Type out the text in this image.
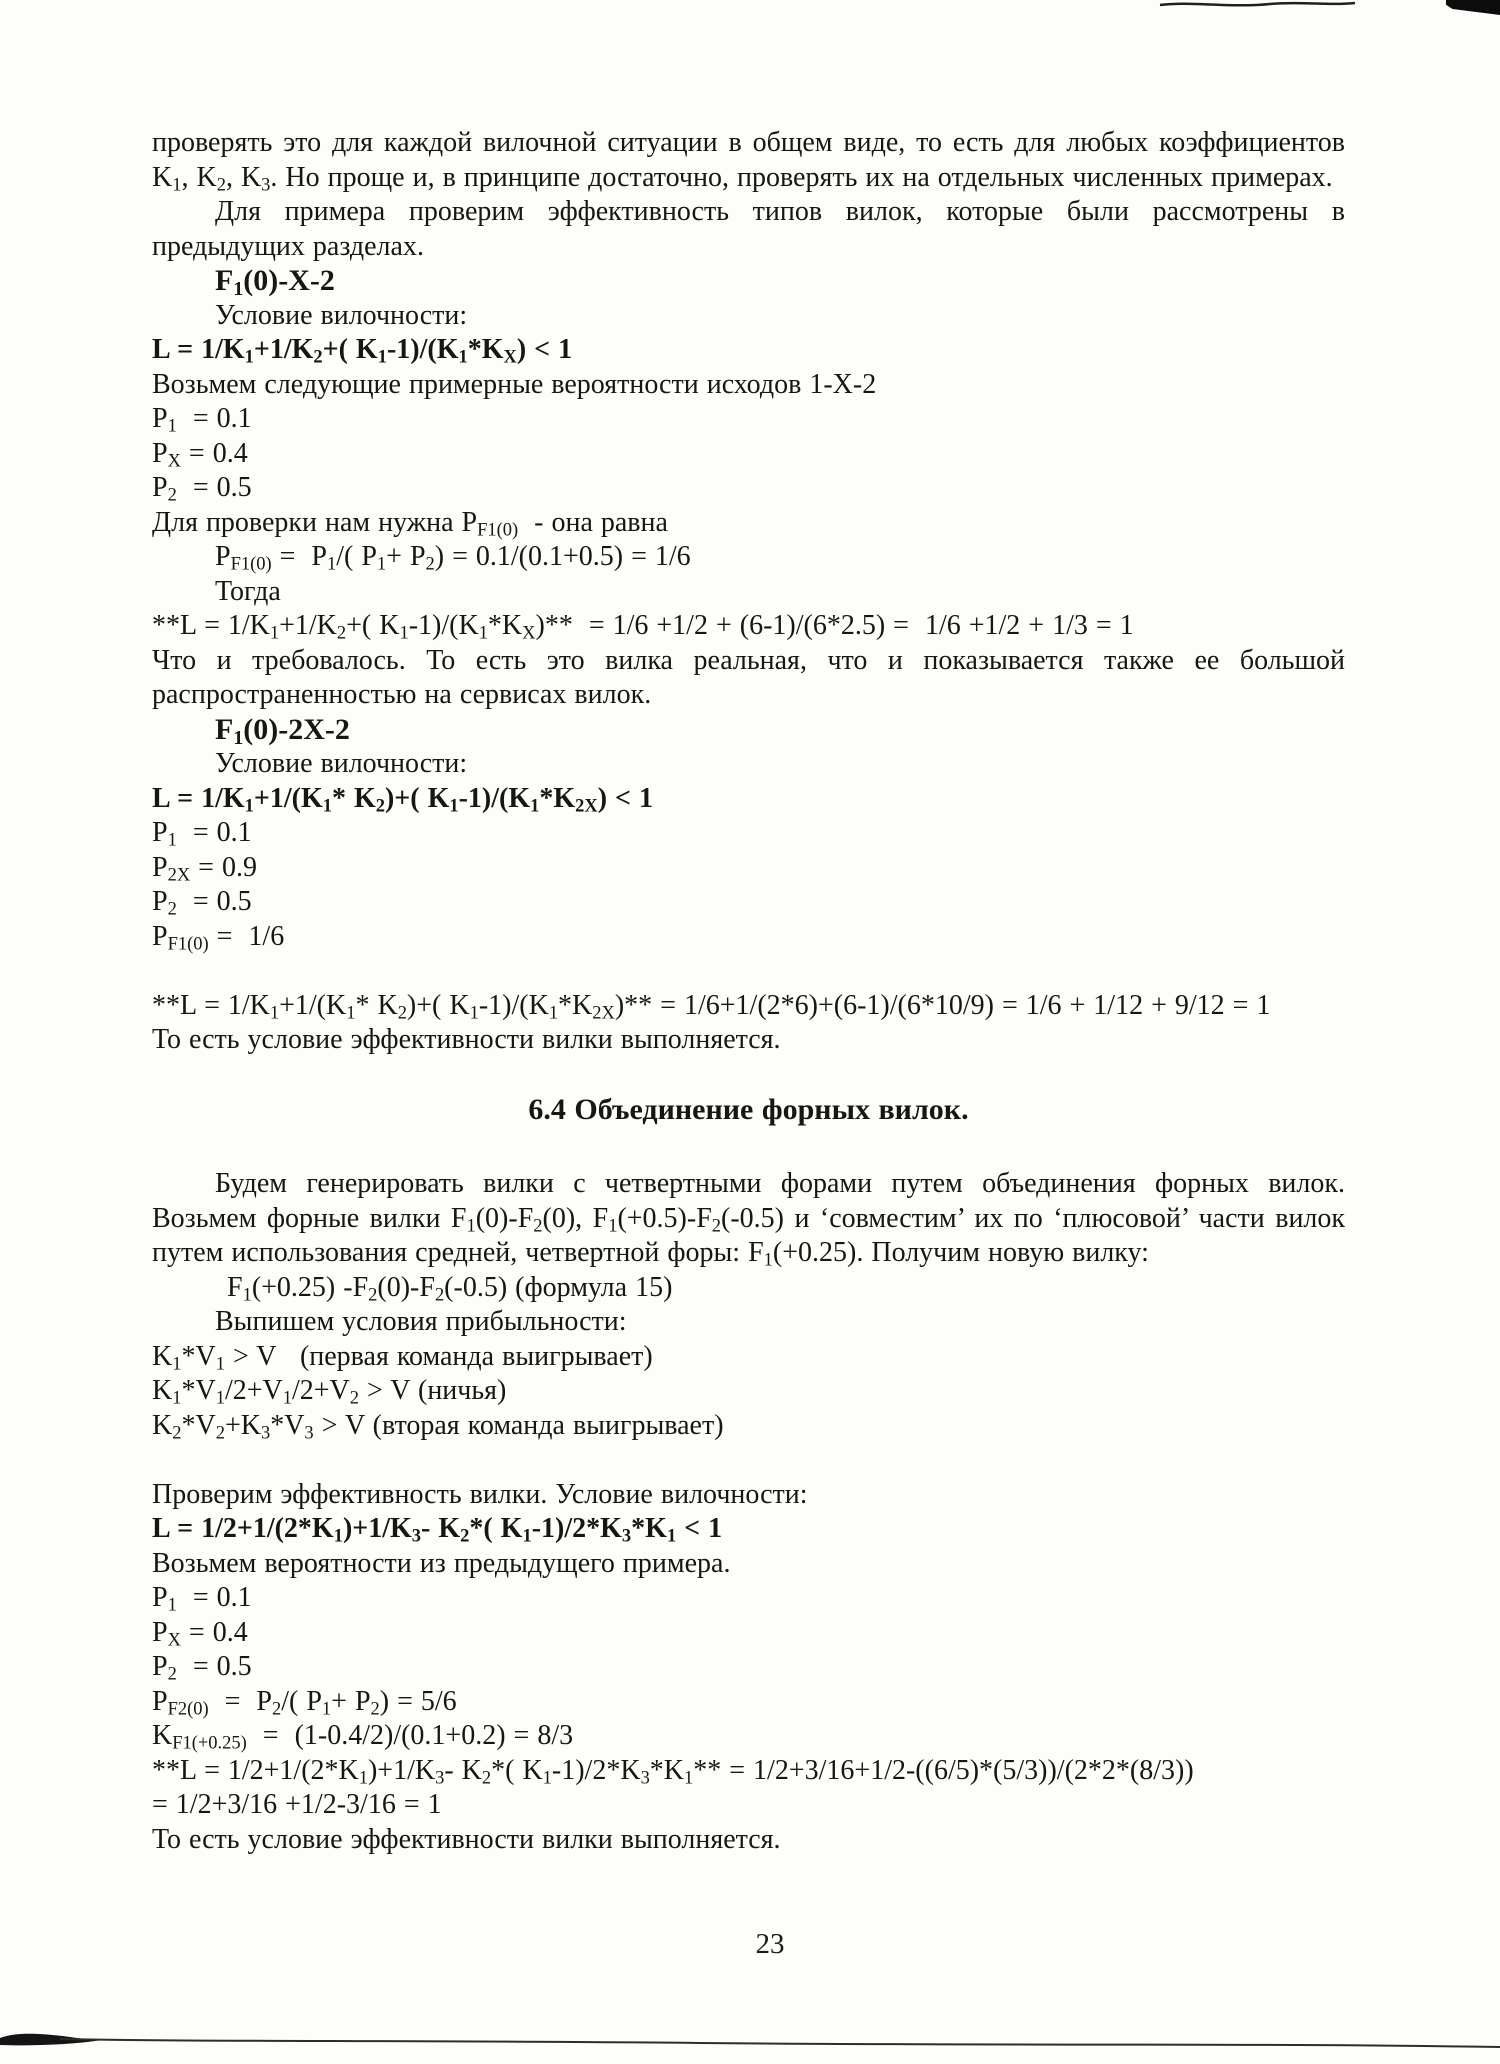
проверять это для каждой вилочной ситуации в общем виде, то есть для любых коэффициентов $K_1$, $K_2$, $K_3$. Но проще и, в принципе достаточно, проверять их на отдельных численных примерах.
Для примера проверим эффективность типов вилок, которые были рассмотрены в предыдущих разделах.
$F_1(0)-X-2$
Условие вилочности:
$L = 1/K_1+1/K_2+$( $K_1-1)/(K_1*K_X) < 1$
Возьмем следующие примерные вероятности исходов 1-Х-2
$P_1 = 0.1$
$P_X = 0.4$
$P_2 = 0.5$
Для проверки нам нужна $P_{F1(0)}$  - она равна
$P_{F1(0)} = P_1/$( $P_1+ P_2) = 0.1/(0.1+0.5) = 1/6$
Тогда
$**L = 1/K_1+1/K_2+$( $K_1-1)/(K_1*K_X)** = 1/6 +1/2 + (6-1)/(6*2.5) = 1/6 +1/2 + 1/3 = 1$
Что и требовалось. То есть это вилка реальная, что и показывается также ее большой распространенностью на сервисах вилок.
$F_1(0)-2X-2$
Условие вилочности:
$L = 1/K_1+1/(K_1*$ $K_2)+$( $K_1-1)/(K_1*K_{2X}) < 1$
$P_1 = 0.1$
$P_{2X} = 0.9$
$P_2 = 0.5$
$P_{F1(0)} = 1/6$

$**L = 1/K_1+1/(K_1*$ $K_2)+$( $K_1-1)/(K_1*K_{2X})** = 1/6+1/(2*6)+(6-1)/(6*10/9) = 1/6 + 1/12 + 9/12 = 1$
То есть условие эффективности вилки выполняется.
6.4 Объединение форных вилок.
Будем генерировать вилки с четвертными форами путем объединения форных вилок. Возьмем форные вилки $F_1(0)-F_2(0)$, $F_1(+0.5)-F_2(-0.5)$ и ‘совместим’ их по ‘плюсовой’ части вилок путем использования средней, четвертной форы: $F_1(+0.25)$. Получим новую вилку:
$F_1(+0.25)$ $-F_2(0)-F_2(-0.5)$ (формула 15)
Выпишем условия прибыльности:
$K_1*V_1 > V$   (первая команда выигрывает)
$K_1*V_1/2+V_1/2+V_2 > V$ (ничья)
$K_2*V_2+K_3*V_3 > V$ (вторая команда выигрывает)

Проверим эффективность вилки. Условие вилочности:
$L = 1/2+1/(2*K_1)+1/K_3-$ $K_2*$( $K_1-1)/2*K_3*K_1 < 1$
Возьмем вероятности из предыдущего примера.
$P_1 = 0.1$
$P_X = 0.4$
$P_2 = 0.5$
$P_{F2(0)} = P_2/$( $P_1+ P_2) = 5/6$
$K_{F1(+0.25)} = (1-0.4/2)/(0.1+0.2) = 8/3$
$**L = 1/2+1/(2*K_1)+1/K_3-$ $K_2*$( $K_1-1)/2*K_3*K_1** = 1/2+3/16+1/2-((6/5)*(5/3))/(2*2*(8/3))$
= 1/2+3/16 +1/2-3/16 = 1
То есть условие эффективности вилки выполняется.
23
